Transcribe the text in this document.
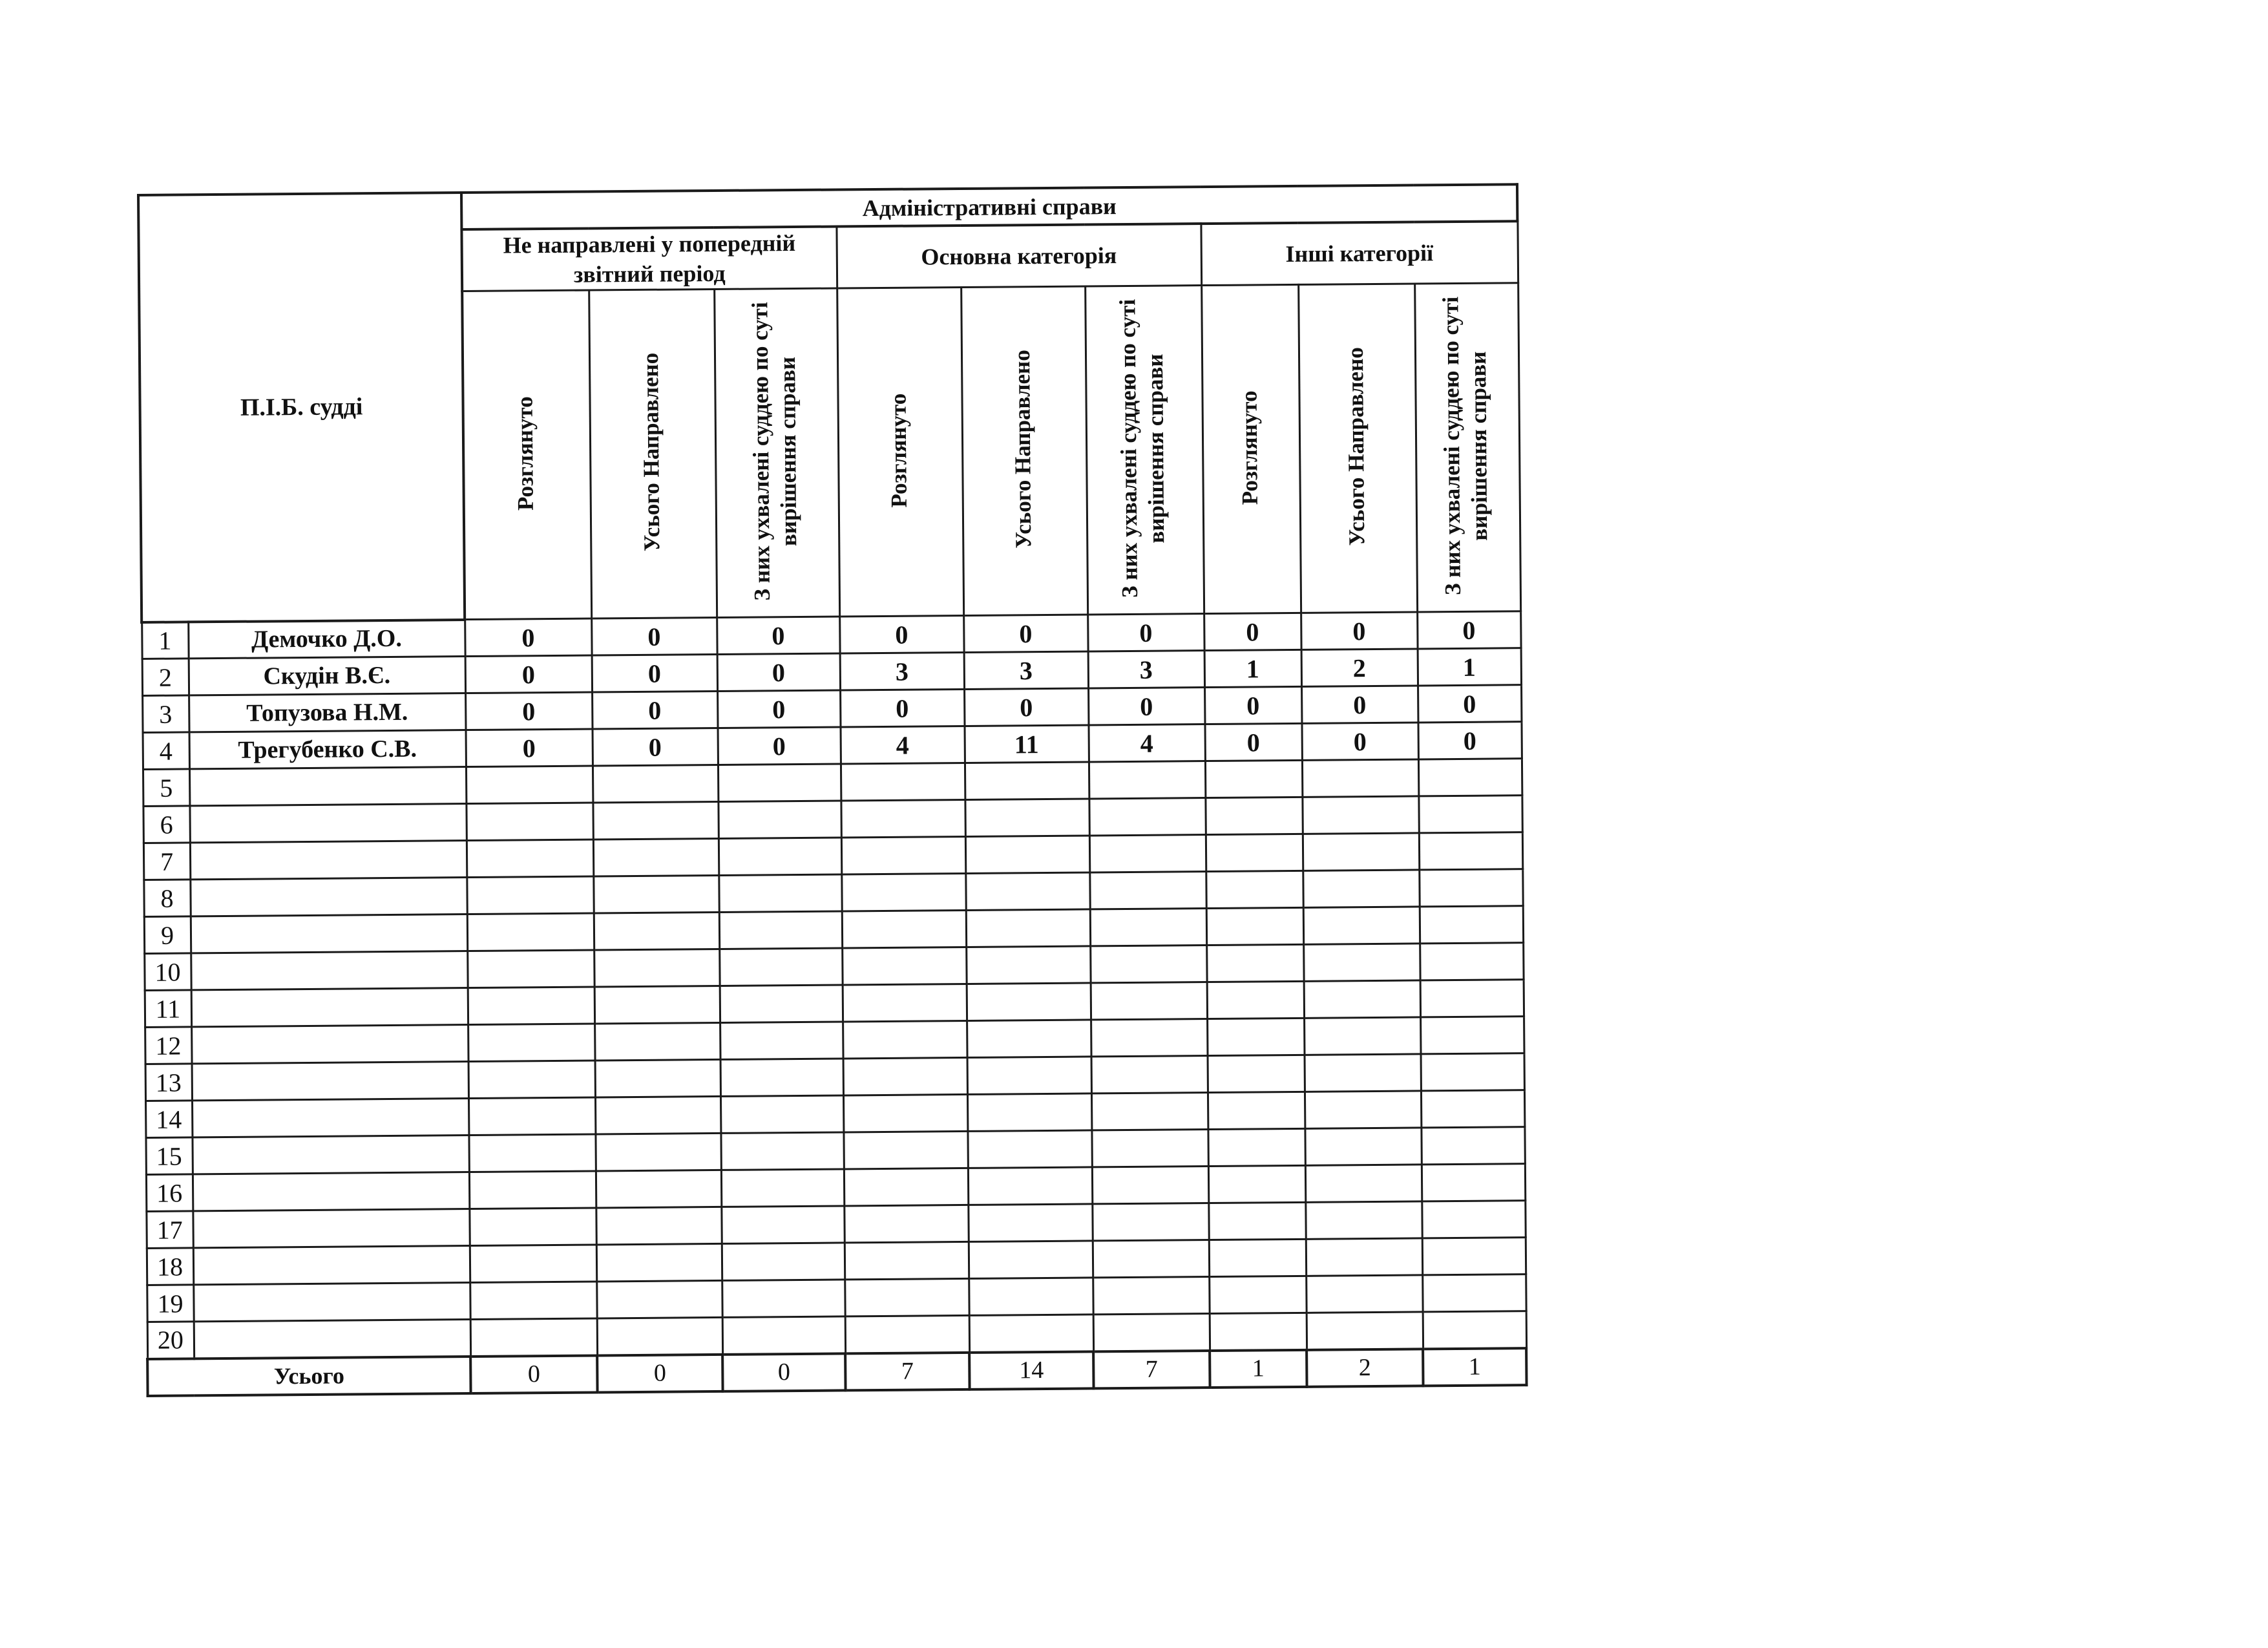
П.І.Б. судді		Адміністративні справи								
		Не направлені у попередній звітний період			Основна категорія			Інші категорії		
		Розглянуто	Усього Направлено	З них ухвалені суддею по суті вирішення справи	Розглянуто	Усього Направлено	З них ухвалені суддею по суті вирішення справи	Розглянуто	Усього Направлено	З них ухвалені суддею по суті вирішення справи
1	Демочко Д.О.	0	0	0	0	0	0	0	0	0
2	Скудін В.Є.	0	0	0	3	3	3	1	2	1
3	Топузова Н.М.	0	0	0	0	0	0	0	0	0
4	Трегубенко С.В.	0	0	0	4	11	4	0	0	0
5										
6										
7										
8										
9										
10										
11										
12										
13										
14										
15										
16										
17										
18										
19										
20										
Усього		0	0	0	7	14	7	1	2	1
